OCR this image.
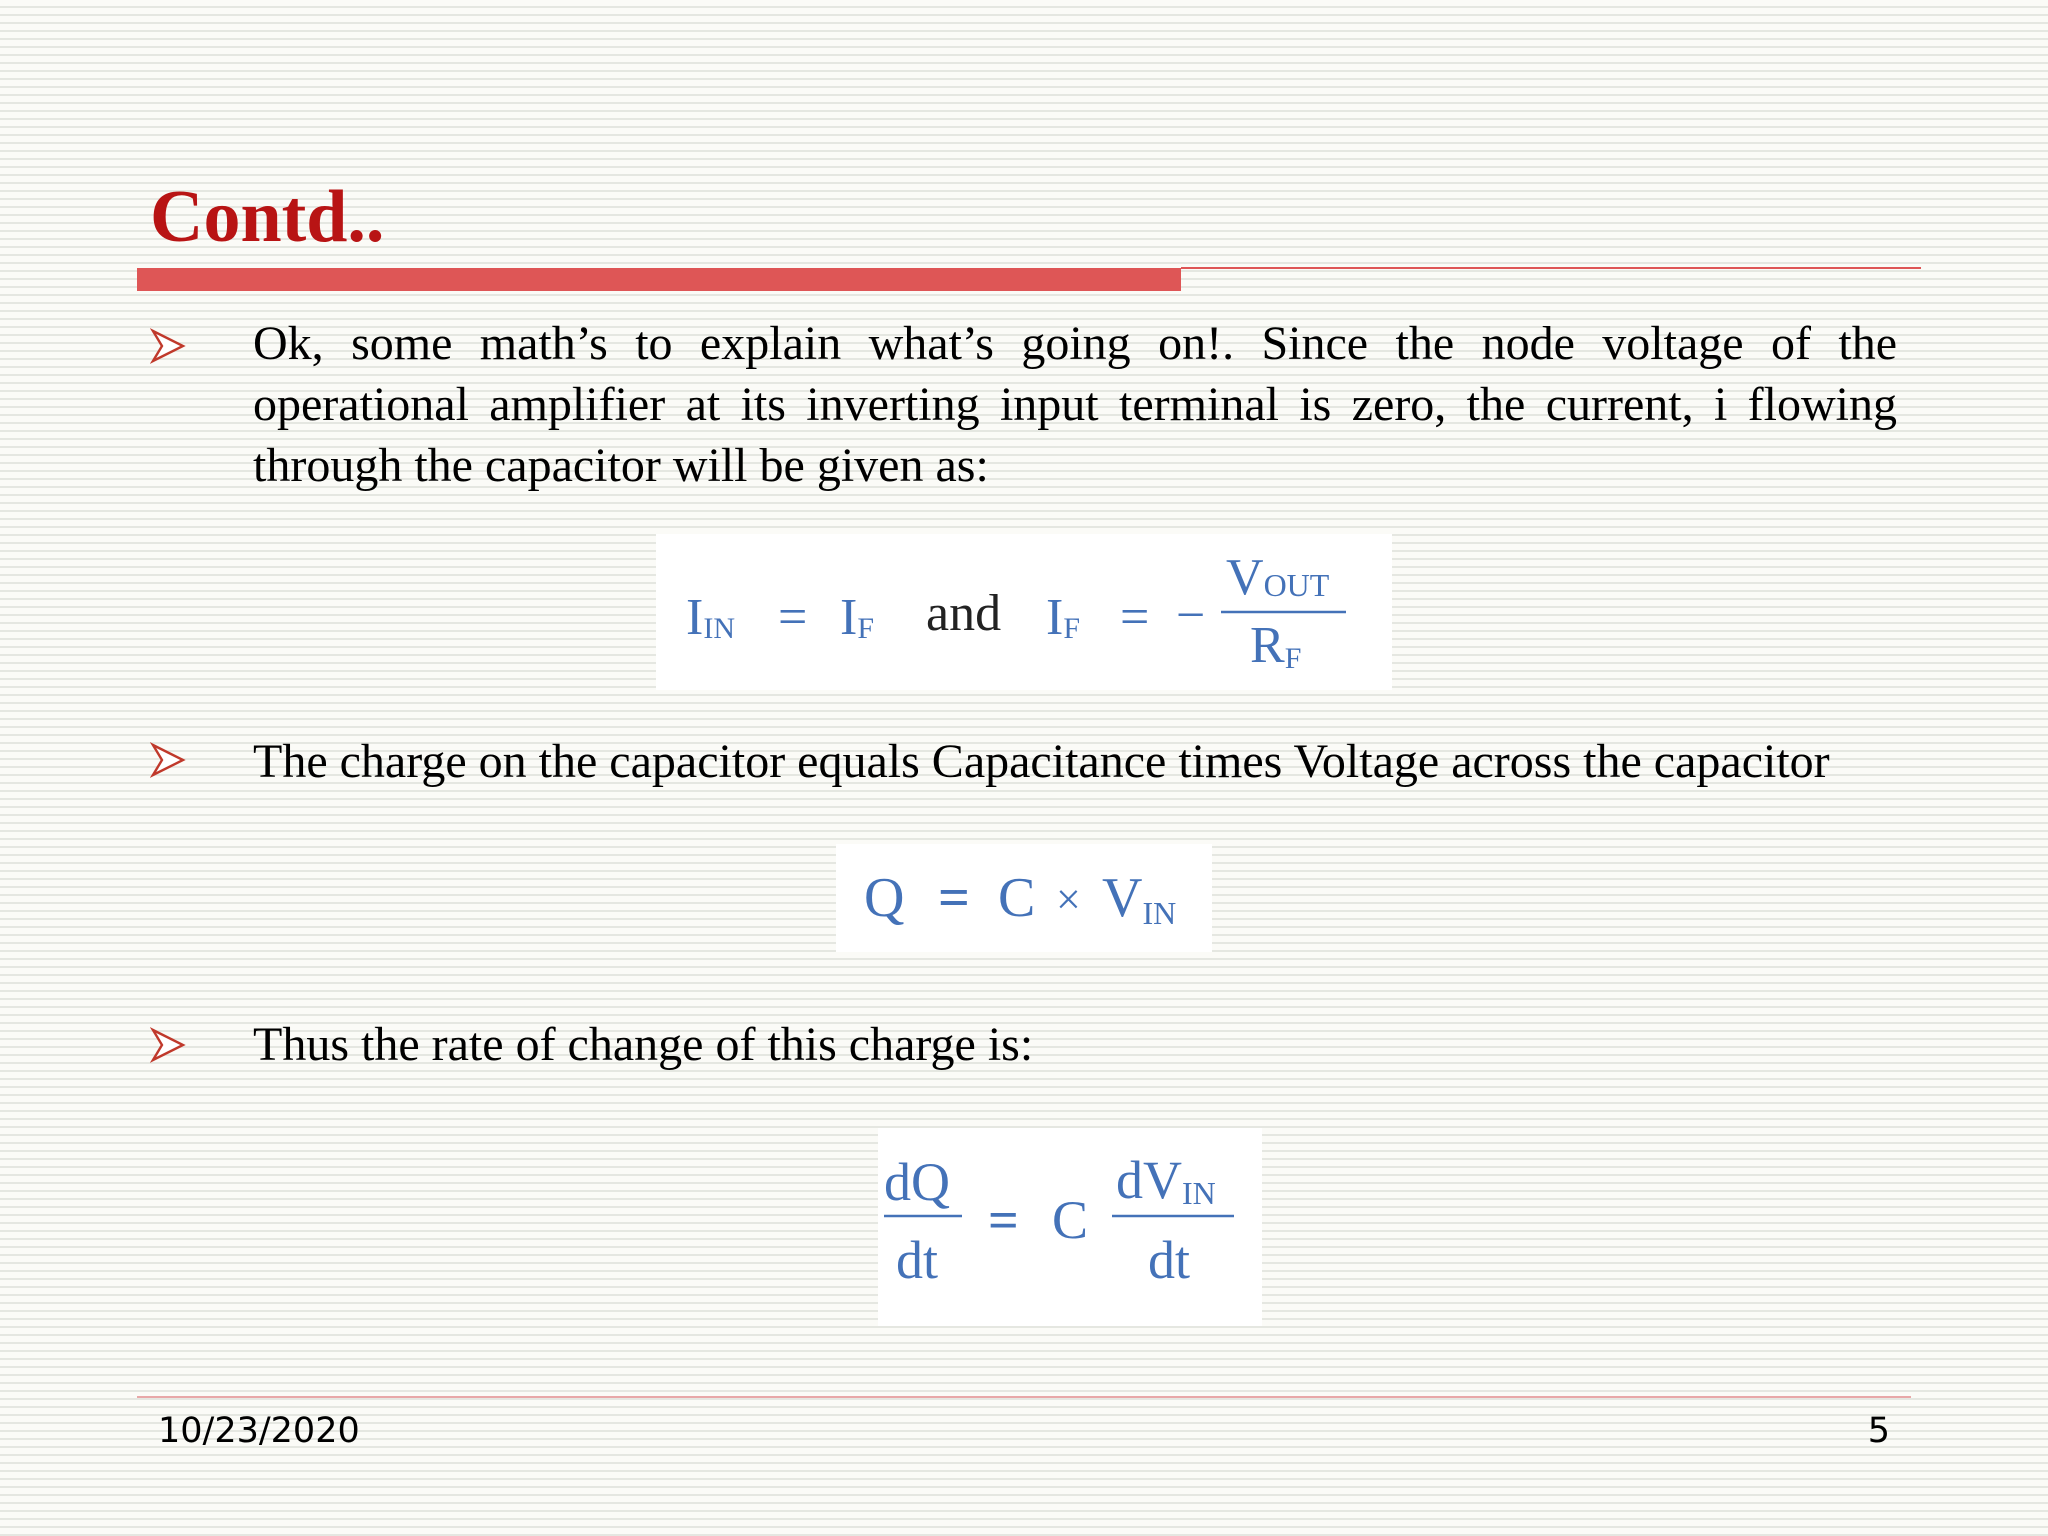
Contd..

Ok, some math’s to explain what’s going on!. Since the node voltage of the operational amplifier at its inverting input terminal is zero, the current, i flowing through the capacitor will be given as:

IIN = IF and IF = −
VOUT
RF

The charge on the capacitor equals Capacitance times Voltage across the capacitor

Q = C × VIN

Thus the rate of change of this charge is:

dQ
dt
= C
dVIN
dt
10/23/2020	5
